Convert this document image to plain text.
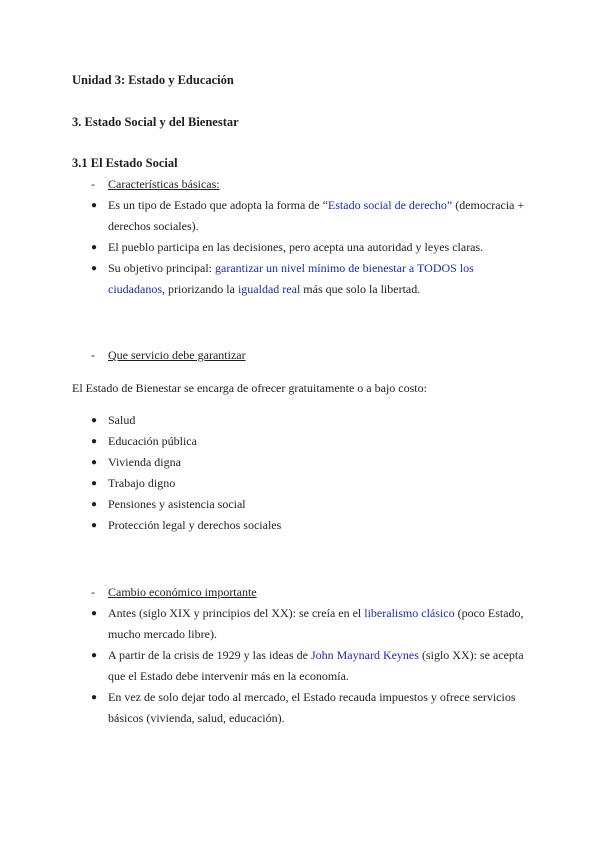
Unidad 3: Estado y Educación
3. Estado Social y del Bienestar
3.1 El Estado Social
-	Características básicas:
● Es un tipo de Estado que adopta la forma de “Estado social de derecho” (democracia + derechos sociales).
● El pueblo participa en las decisiones, pero acepta una autoridad y leyes claras.
● Su objetivo principal: garantizar un nivel mínimo de bienestar a TODOS los ciudadanos, priorizando la igualdad real más que solo la libertad.
-	Que servicio debe garantizar
El Estado de Bienestar se encarga de ofrecer gratuitamente o a bajo costo:
● Salud
● Educación pública
● Vivienda digna
● Trabajo digno
● Pensiones y asistencia social
● Protección legal y derechos sociales
-	Cambio económico importante
● Antes (siglo XIX y principios del XX): se creía en el liberalismo clásico (poco Estado, mucho mercado libre).
● A partir de la crisis de 1929 y las ideas de John Maynard Keynes (siglo XX): se acepta que el Estado debe intervenir más en la economía.
● En vez de solo dejar todo al mercado, el Estado recauda impuestos y ofrece servicios básicos (vivienda, salud, educación).
